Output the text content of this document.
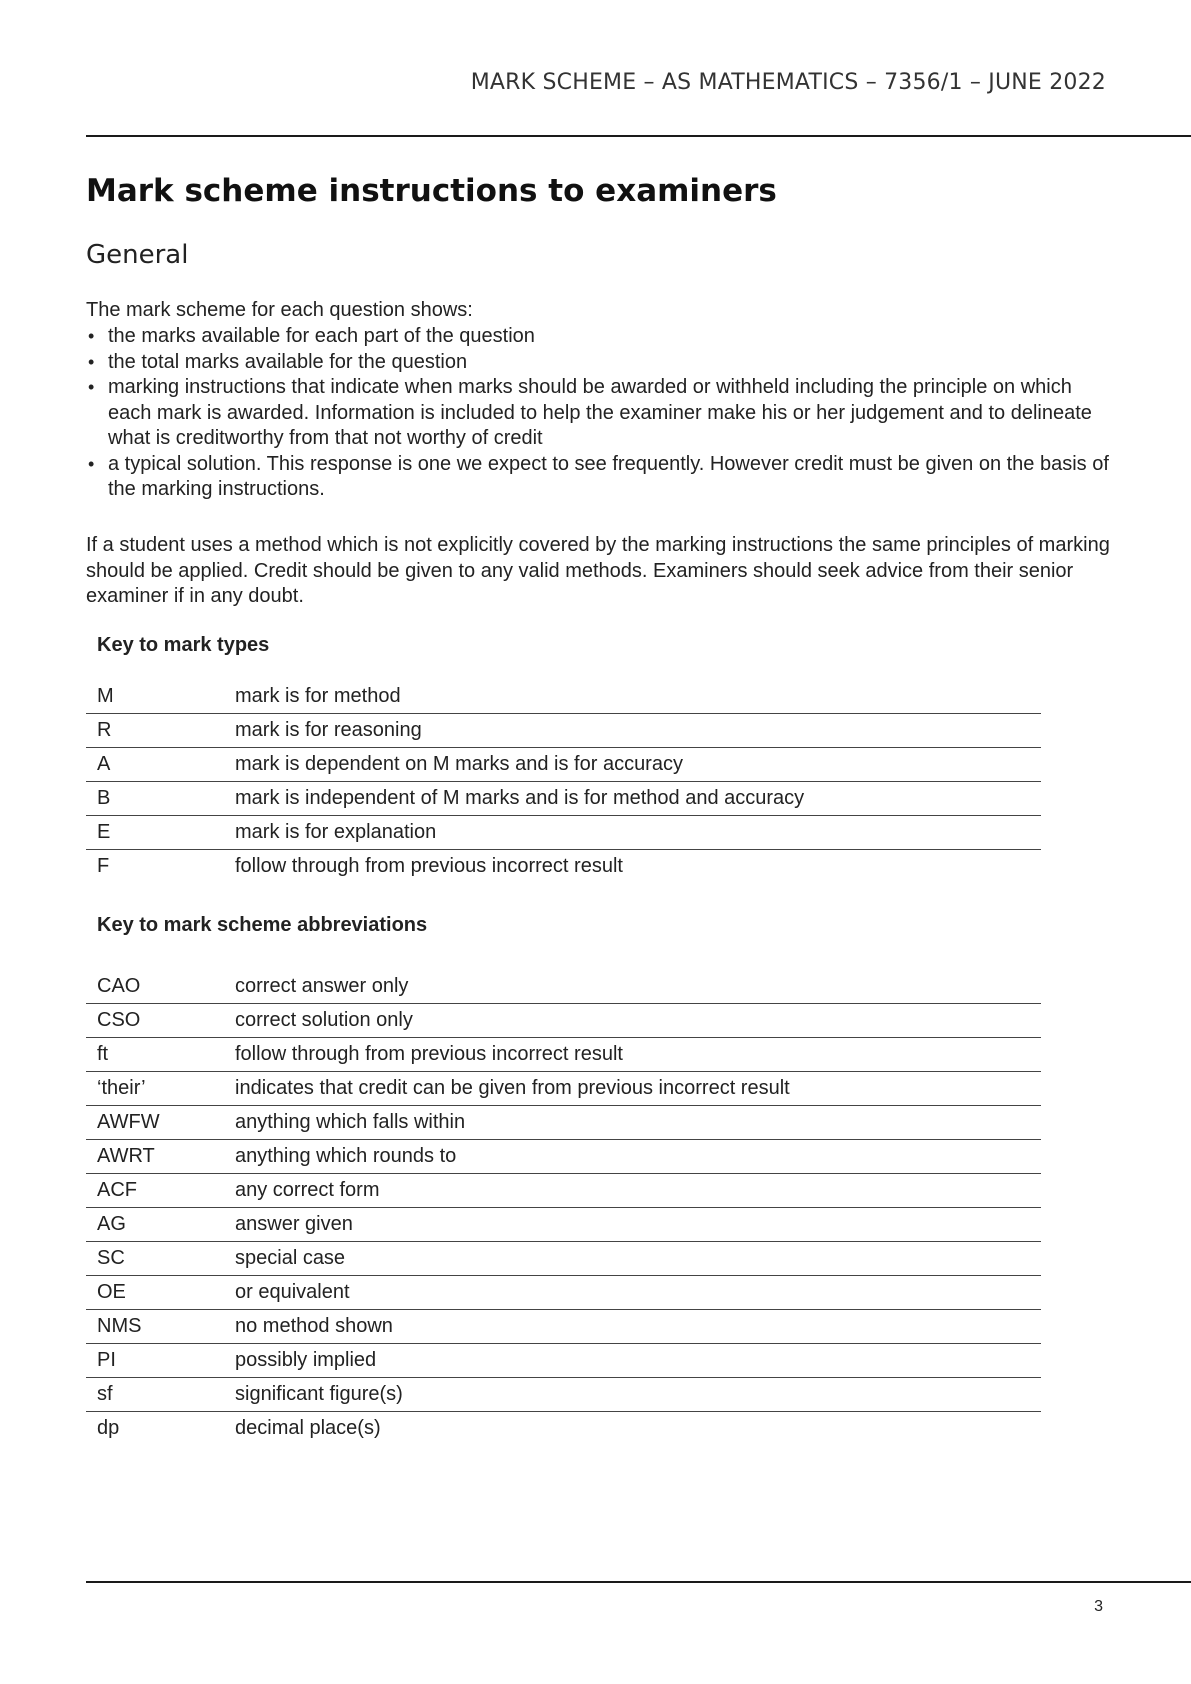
MARK SCHEME – AS MATHEMATICS – 7356/1 – JUNE 2022
Mark scheme instructions to examiners
General

The mark scheme for each question shows:

• the marks available for each part of the question
• the total marks available for the question
• marking instructions that indicate when marks should be awarded or withheld including the principle on which each mark is awarded. Information is included to help the examiner make his or her judgement and to delineate what is creditworthy from that not worthy of credit
• a typical solution. This response is one we expect to see frequently. However credit must be given on the basis of the marking instructions.

If a student uses a method which is not explicitly covered by the marking instructions the same principles of marking should be applied. Credit should be given to any valid methods. Examiners should seek advice from their senior examiner if in any doubt.

Key to mark types
M	mark is for method
R	mark is for reasoning
A	mark is dependent on M marks and is for accuracy
B	mark is independent of M marks and is for method and accuracy
E	mark is for explanation
F	follow through from previous incorrect result
Key to mark scheme abbreviations
CAO	correct answer only
CSO	correct solution only
ft	follow through from previous incorrect result
‘their’	indicates that credit can be given from previous incorrect result
AWFW	anything which falls within
AWRT	anything which rounds to
ACF	any correct form
AG	answer given
SC	special case
OE	or equivalent
NMS	no method shown
PI	possibly implied
sf	significant figure(s)
dp	decimal place(s)
3
